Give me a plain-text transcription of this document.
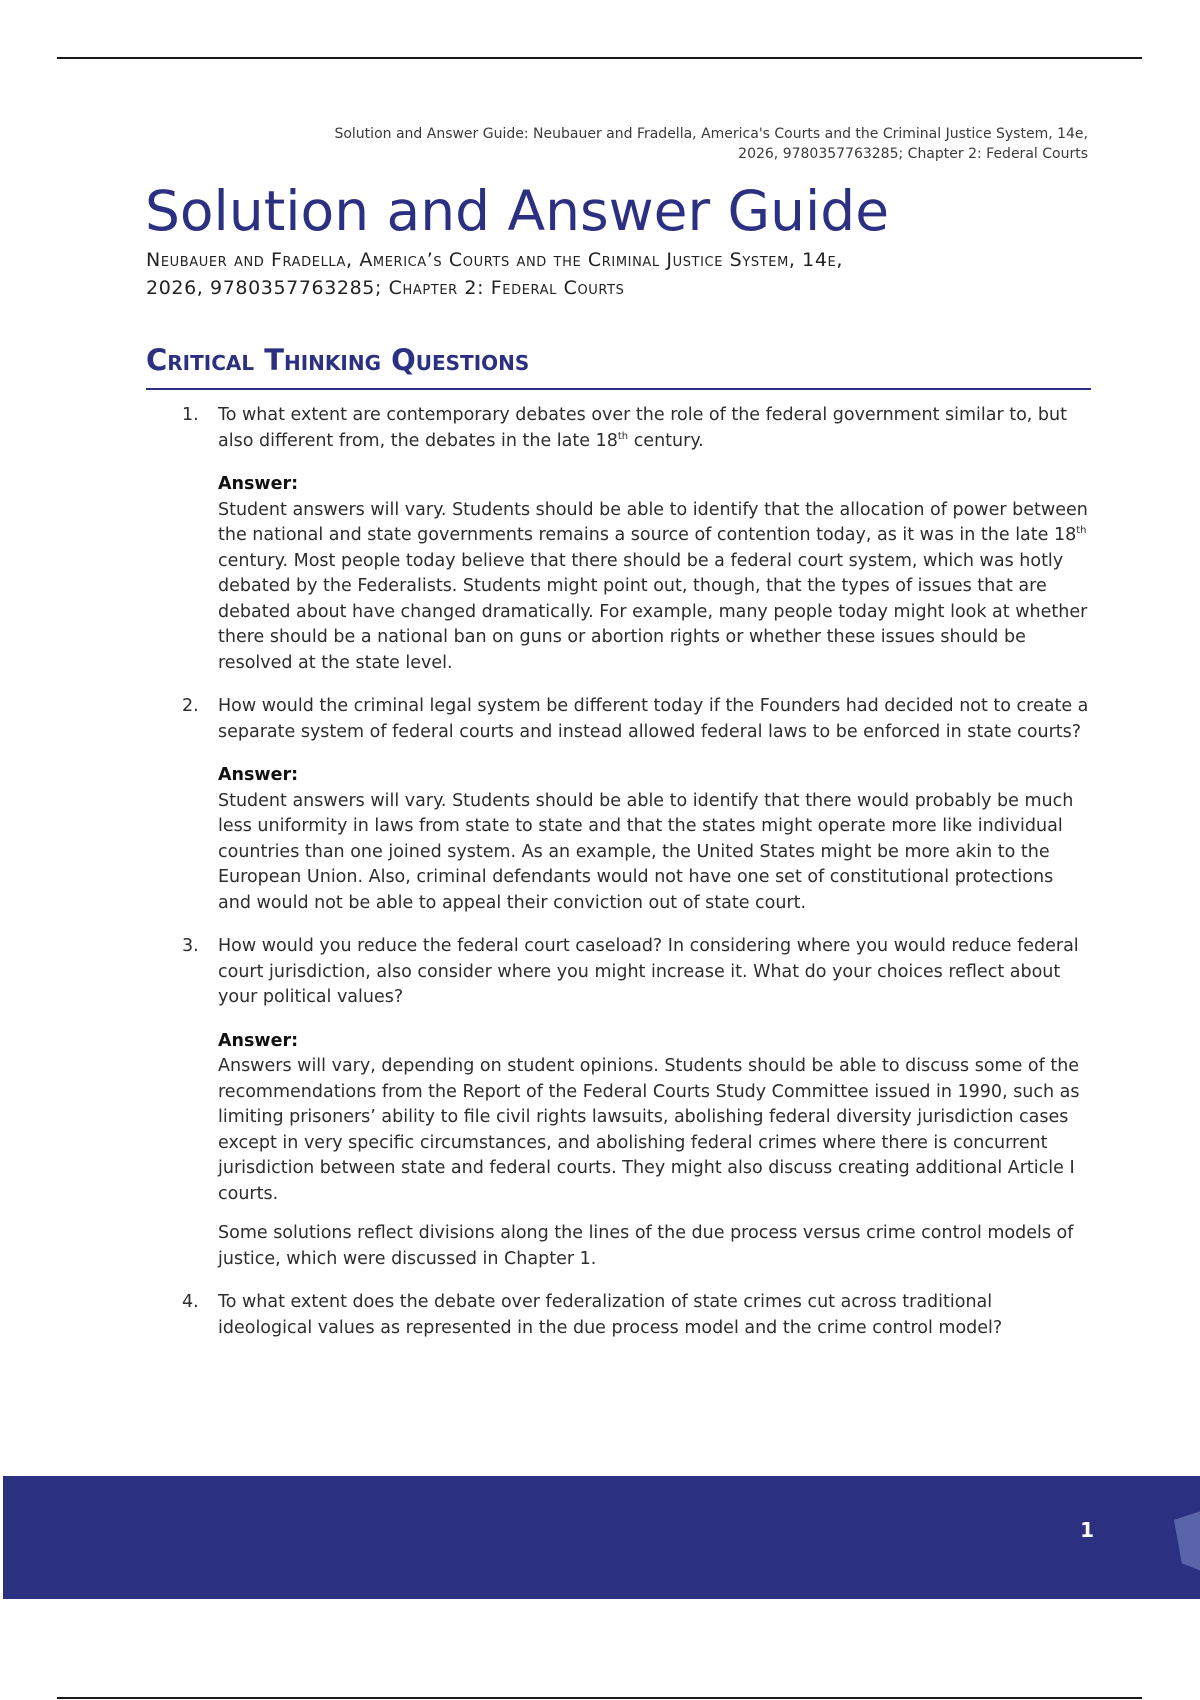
Solution and Answer Guide: Neubauer and Fradella, America's Courts and the Criminal Justice System, 14e,
2026, 9780357763285; Chapter 2: Federal Courts
Solution and Answer Guide
Neubauer and Fradella, America’s Courts and the Criminal Justice System, 14e,
2026, 9780357763285; Chapter 2: Federal Courts
Critical Thinking Questions
1. To what extent are contemporary debates over the role of the federal government similar to, but also different from, the debates in the late 18th century.

Answer:

Student answers will vary. Students should be able to identify that the allocation of power between the national and state governments remains a source of contention today, as it was in the late 18th century. Most people today believe that there should be a federal court system, which was hotly debated by the Federalists. Students might point out, though, that the types of issues that are debated about have changed dramatically. For example, many people today might look at whether there should be a national ban on guns or abortion rights or whether these issues should be resolved at the state level.

2. How would the criminal legal system be different today if the Founders had decided not to create a separate system of federal courts and instead allowed federal laws to be enforced in state courts?

Answer:

Student answers will vary. Students should be able to identify that there would probably be much less uniformity in laws from state to state and that the states might operate more like individual countries than one joined system. As an example, the United States might be more akin to the European Union. Also, criminal defendants would not have one set of constitutional protections and would not be able to appeal their conviction out of state court.

3. How would you reduce the federal court caseload? In considering where you would reduce federal court jurisdiction, also consider where you might increase it. What do your choices reflect about your political values?

Answer:

Answers will vary, depending on student opinions. Students should be able to discuss some of the recommendations from the Report of the Federal Courts Study Committee issued in 1990, such as limiting prisoners’ ability to file civil rights lawsuits, abolishing federal diversity jurisdiction cases except in very specific circumstances, and abolishing federal crimes where there is concurrent jurisdiction between state and federal courts. They might also discuss creating additional Article I courts.

Some solutions reflect divisions along the lines of the due process versus crime control models of justice, which were discussed in Chapter 1.

4. To what extent does the debate over federalization of state crimes cut across traditional ideological values as represented in the due process model and the crime control model?

1
